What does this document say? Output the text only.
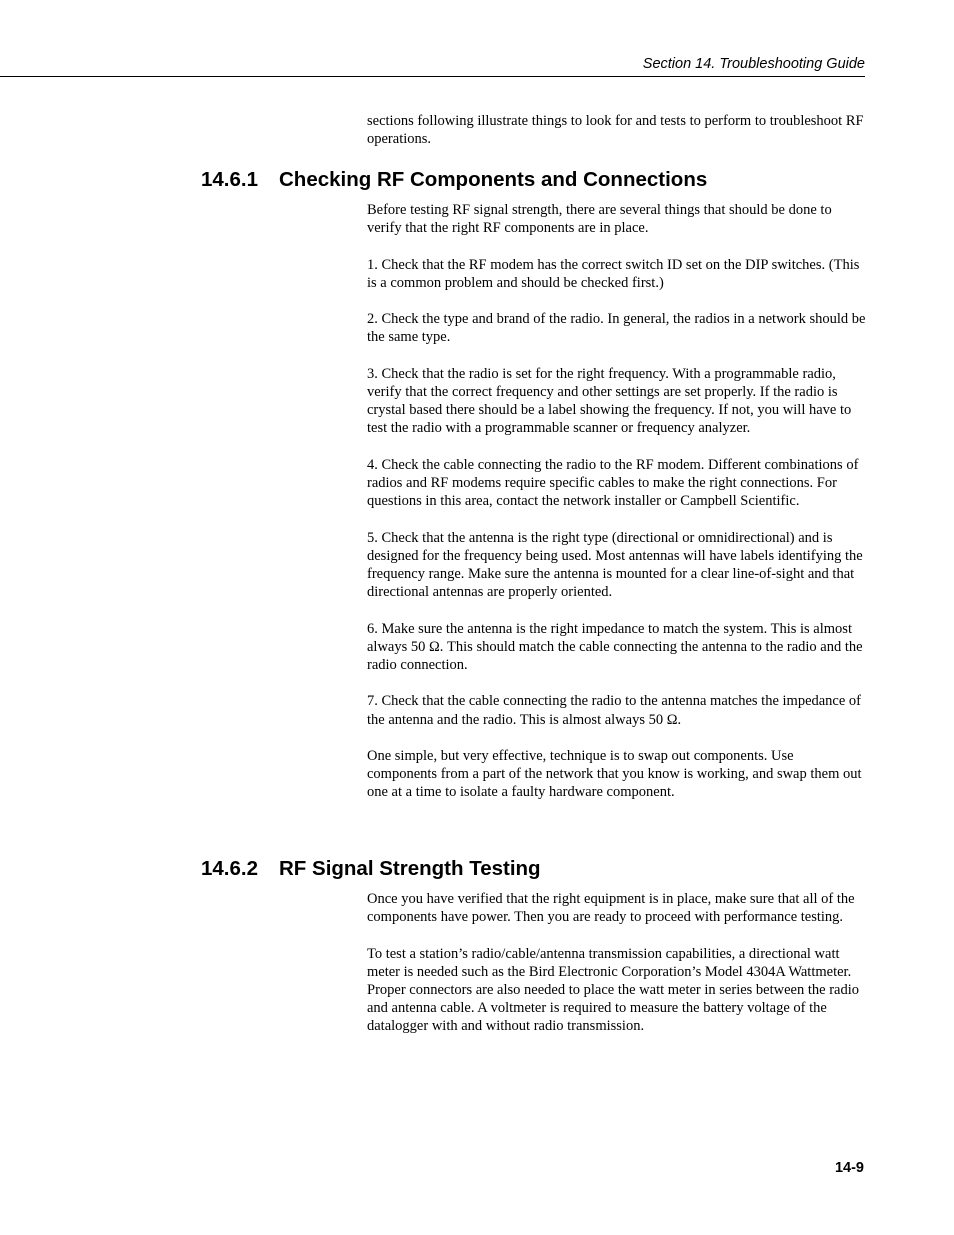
Section 14. Troubleshooting Guide

sections following illustrate things to look for and tests to perform to troubleshoot RF operations.

14.6.1 Checking RF Components and Connections

Before testing RF signal strength, there are several things that should be done to verify that the right RF components are in place.

1. Check that the RF modem has the correct switch ID set on the DIP switches. (This is a common problem and should be checked first.)

2. Check the type and brand of the radio. In general, the radios in a network should be the same type.

3. Check that the radio is set for the right frequency. With a programmable radio, verify that the correct frequency and other settings are set properly. If the radio is crystal based there should be a label showing the frequency. If not, you will have to test the radio with a programmable scanner or frequency analyzer.

4. Check the cable connecting the radio to the RF modem. Different combinations of radios and RF modems require specific cables to make the right connections. For questions in this area, contact the network installer or Campbell Scientific.

5. Check that the antenna is the right type (directional or omnidirectional) and is designed for the frequency being used. Most antennas will have labels identifying the frequency range. Make sure the antenna is mounted for a clear line-of-sight and that directional antennas are properly oriented.

6. Make sure the antenna is the right impedance to match the system. This is almost always 50 Ω. This should match the cable connecting the antenna to the radio and the radio connection.

7. Check that the cable connecting the radio to the antenna matches the impedance of the antenna and the radio. This is almost always 50 Ω.

One simple, but very effective, technique is to swap out components. Use components from a part of the network that you know is working, and swap them out one at a time to isolate a faulty hardware component.

14.6.2 RF Signal Strength Testing

Once you have verified that the right equipment is in place, make sure that all of the components have power. Then you are ready to proceed with performance testing.

To test a station’s radio/cable/antenna transmission capabilities, a directional watt meter is needed such as the Bird Electronic Corporation’s Model 4304A Wattmeter. Proper connectors are also needed to place the watt meter in series between the radio and antenna cable. A voltmeter is required to measure the battery voltage of the datalogger with and without radio transmission.

14-9
